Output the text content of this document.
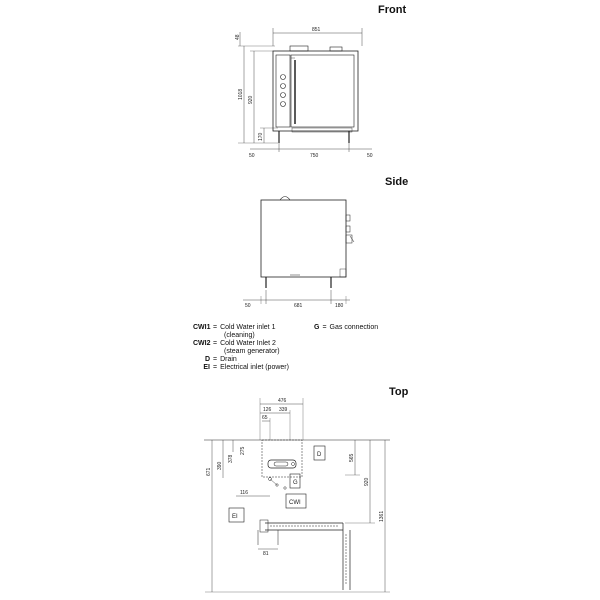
Front
Side
Top
851
750
50	50
1018 920
170
48
50	681	180
476
126 339
65
275
378
671
390
565
920
1361
116
81
D
G
CWI
EI
CWI1 = Cold Water inlet 1
(cleaning)
CWI2 = Cold Water Inlet 2
(steam generator)
D = Drain
EI = Electrical inlet (power)
G = Gas connection
